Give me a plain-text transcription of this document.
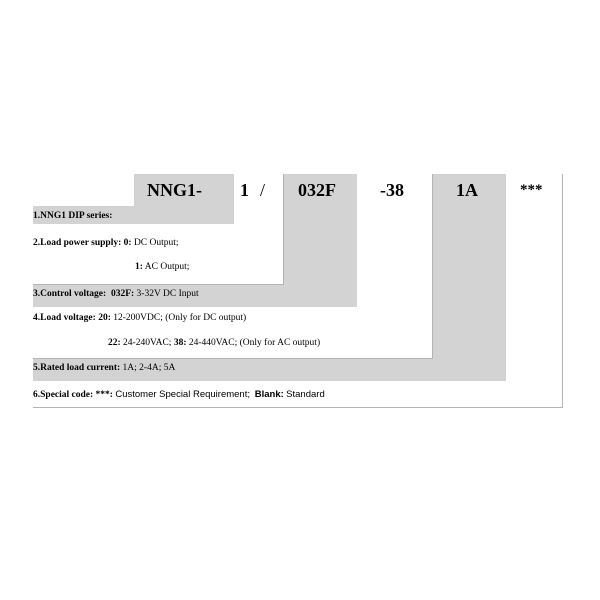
NNG1- 1 / 032F -38	1A	***
1.NNG1 DIP series:
2.Load power supply: 0: DC Output;
1: AC Output;
3.Control voltage: 032F: 3-32V DC Input
4.Load voltage: 20: 12-200VDC; (Only for DC output)
22: 24-240VAC; 38: 24-440VAC; (Only for AC output)
5.Rated load current: 1A; 2-4A; 5A
6.Special code: ***: Customer Special Requirement; Blank: Standard
